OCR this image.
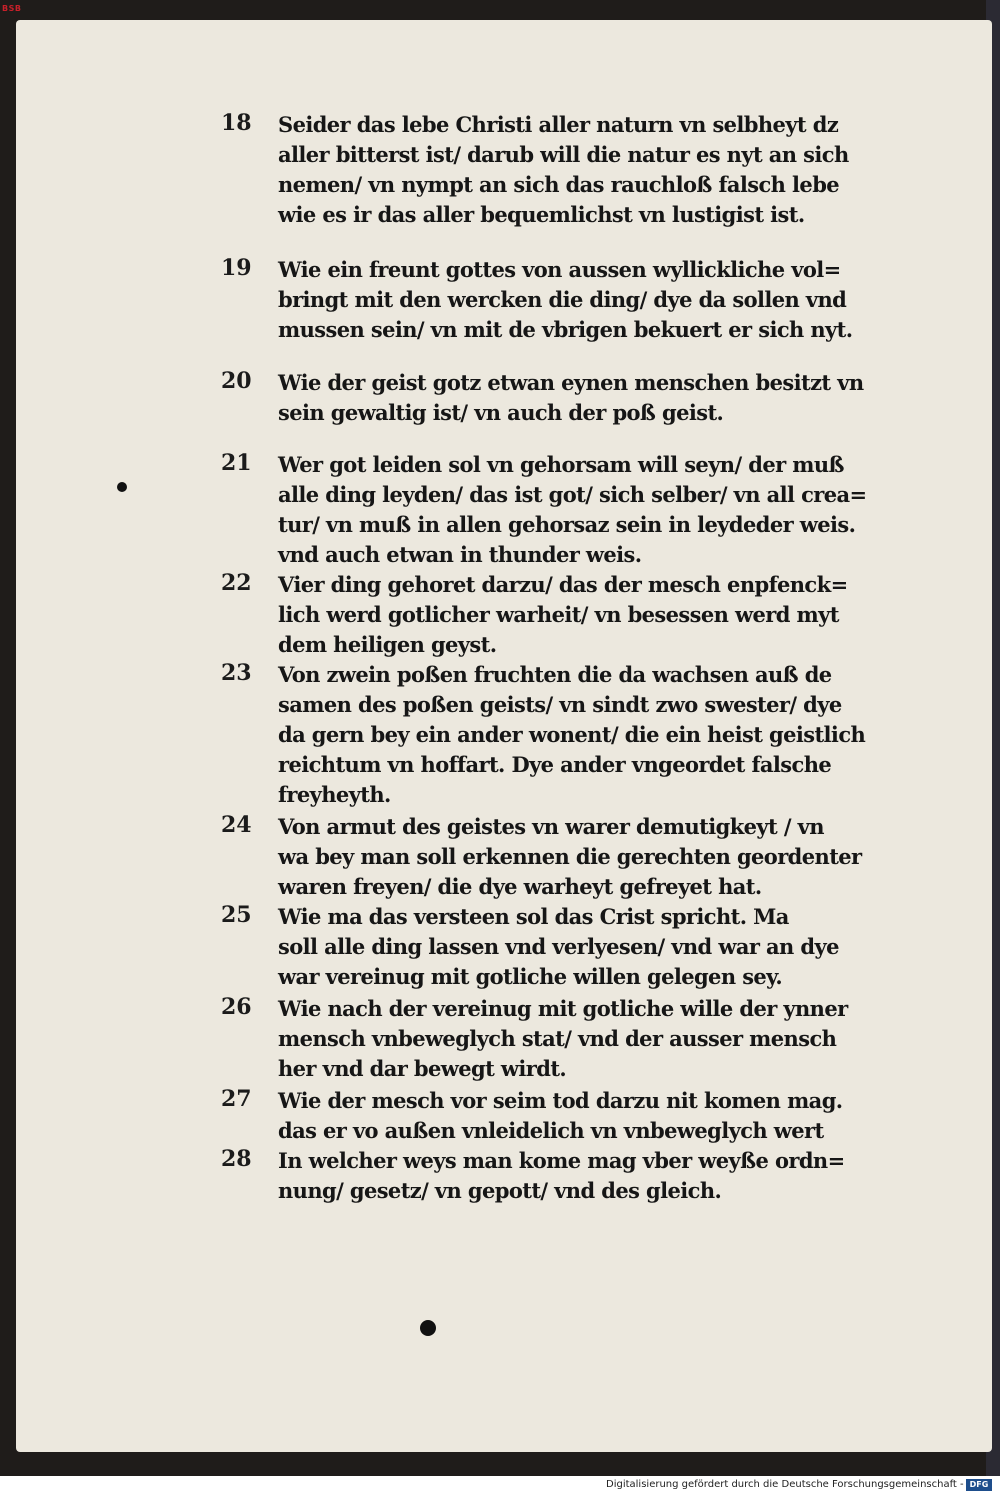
BSB
18 Seider das lebe Christi aller naturn vn selbheyt dz
aller bitterst ist/ darub will die natur es nyt an sich
nemen/ vn nympt an sich das rauchloß falsch lebe
wie es ir das aller bequemlichst vn lustigist ist.
19 Wie ein freunt gottes von aussen wyllickliche vol=
bringt mit den wercken die ding/ dye da sollen vnd
mussen sein/ vn mit de vbrigen bekuert er sich nyt.
20 Wie der geist gotz etwan eynen menschen besitzt vn
sein gewaltig ist/ vn auch der poß geist.
21 Wer got leiden sol vn gehorsam will seyn/ der muß
alle ding leyden/ das ist got/ sich selber/ vn all crea=
tur/ vn muß in allen gehorsaz sein in leydeder weis.
vnd auch etwan in thunder weis.
22 Vier ding gehoret darzu/ das der mesch enpfenck=
lich werd gotlicher warheit/ vn besessen werd myt
dem heiligen geyst.
23 Von zwein poßen fruchten die da wachsen auß de
samen des poßen geists/ vn sindt zwo swester/ dye
da gern bey ein ander wonent/ die ein heist geistlich
reichtum vn hoffart. Dye ander vngeordet falsche
freyheyth.
24 Von armut des geistes vn warer demutigkeyt / vn
wa bey man soll erkennen die gerechten geordenter
waren freyen/ die dye warheyt gefreyet hat.
25 Wie ma das versteen sol das Crist spricht. Ma
soll alle ding lassen vnd verlyesen/ vnd war an dye
war vereinug mit gotliche willen gelegen sey.
26 Wie nach der vereinug mit gotliche wille der ynner
mensch vnbeweglych stat/ vnd der ausser mensch
her vnd dar bewegt wirdt.
27 Wie der mesch vor seim tod darzu nit komen mag.
das er vo außen vnleidelich vn vnbeweglych wert
28 In welcher weys man kome mag vber weyße ordn=
nung/ gesetz/ vn gepott/ vnd des gleich.
Digitalisierung gefördert durch die Deutsche Forschungsgemeinschaft - DFG
